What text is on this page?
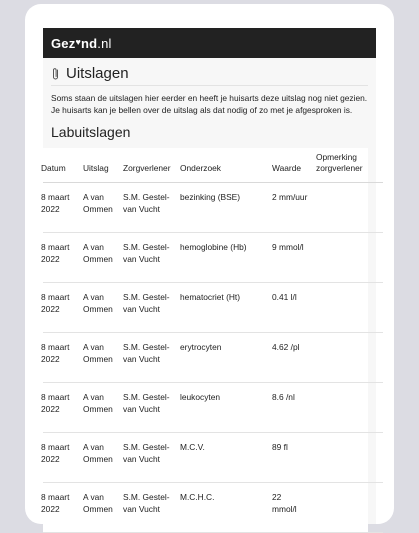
Gez ♥ nd .nl
Uitslagen

Soms staan de uitslagen hier eerder en heeft je huisarts deze uitslag nog niet gezien. Je huisarts kan je bellen over de uitslag als dat nodig of zo met je afgesproken is.

Labuitslagen
Datum	Uitslag	Zorgverlener	Onderzoek	Waarde	Opmerking zorgverlener

8 maart 2022	A van Ommen	S.M. Gestel-van Vucht	bezinking (BSE)	2 mm/uur	

8 maart 2022	A van Ommen	S.M. Gestel-van Vucht	hemoglobine (Hb)	9 mmol/l	

8 maart 2022	A van Ommen	S.M. Gestel-van Vucht	hematocriet (Ht)	0.41 l/l	

8 maart 2022	A van Ommen	S.M. Gestel-van Vucht	erytrocyten	4.62 /pl	

8 maart 2022	A van Ommen	S.M. Gestel-van Vucht	leukocyten	8.6 /nl	

8 maart 2022	A van Ommen	S.M. Gestel-van Vucht	M.C.V.	89 fl	

8 maart 2022	A van Ommen	S.M. Gestel-van Vucht	M.C.H.C.	22 mmol/l	
